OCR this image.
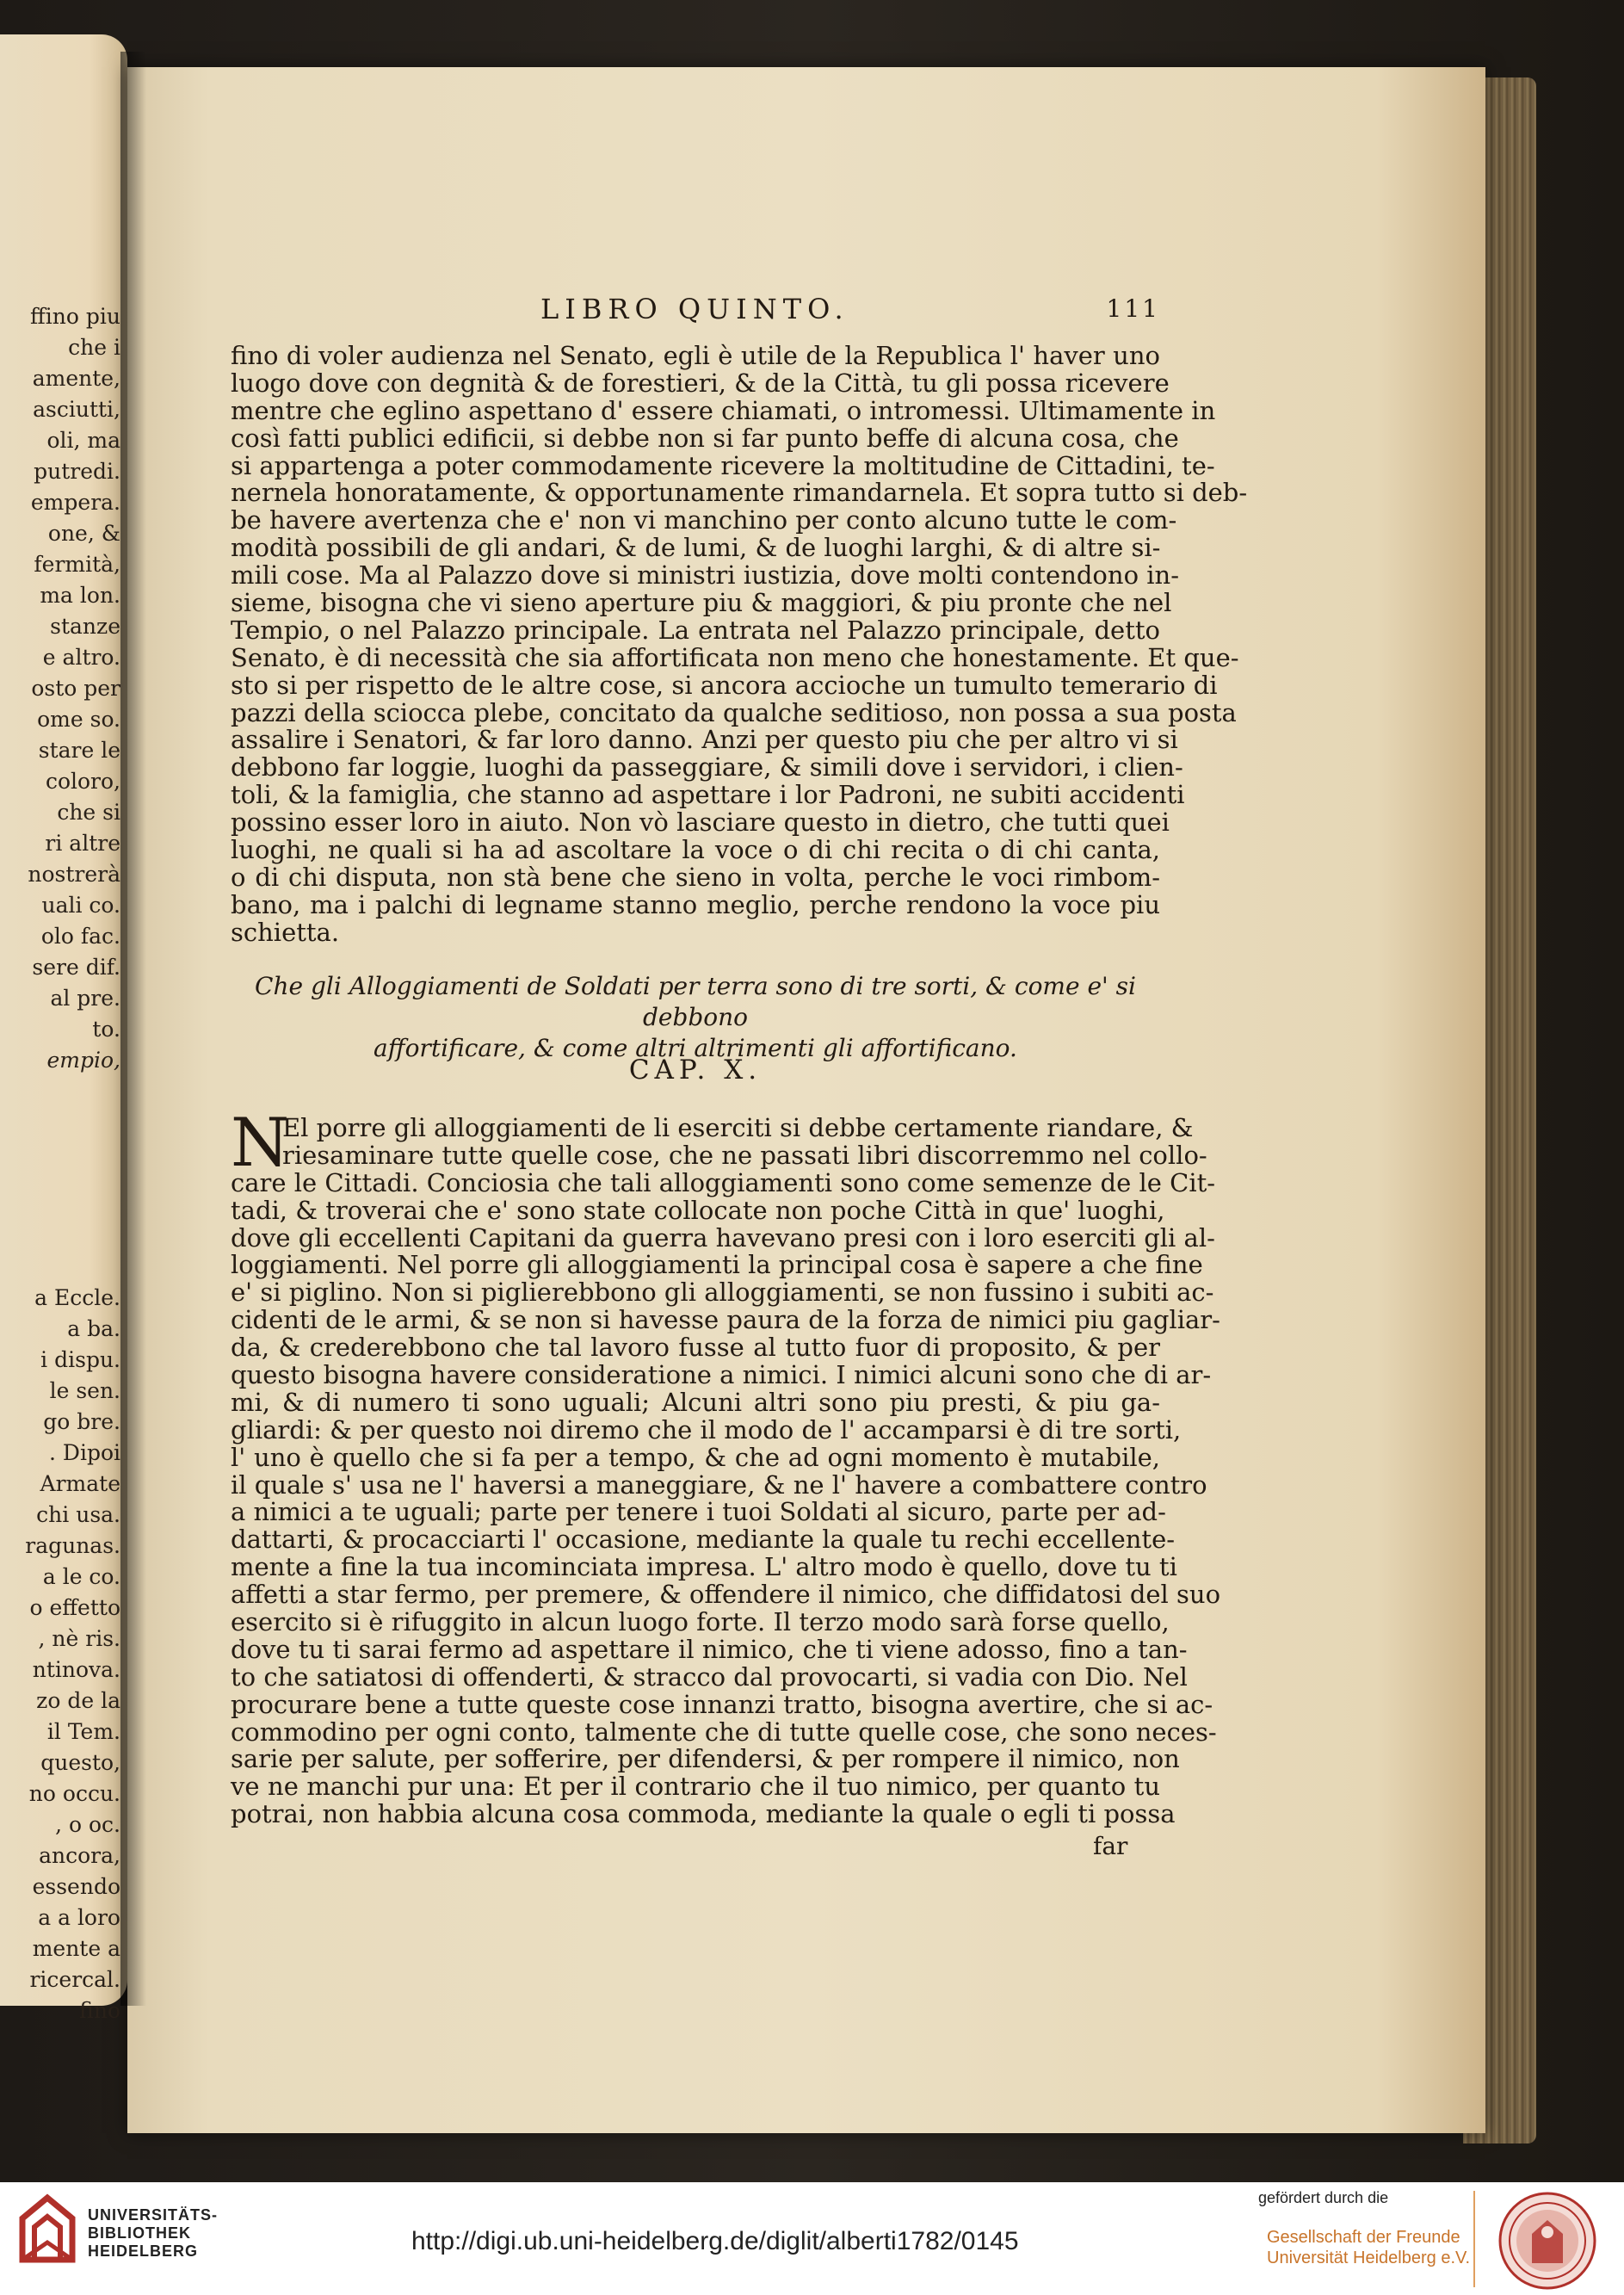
ffino piu
che i
amente,
asciutti,
oli, ma
putredi.
empera.
one, &
fermità,
ma lon.
stanze
e altro.
osto per
ome so.
stare le
coloro,
che si
ri altre
nostrerà
uali co.
olo fac.
sere dif.
al pre.
to.
empio,
a Eccle.
a ba.
i dispu.
le sen.
go bre.
. Dipoi
Armate
chi usa.
ragunas.
a le co.
o effetto
, nè ris.
ntinova.
zo de la
il Tem.
questo,
no occu.
, o oc.
ancora,
essendo
a a loro
mente a
ricercal.
fino
LIBRO QUINTO.	111
fino di voler audienza nel Senato, egli è utile de la Republica l' haver uno
luogo dove con degnità & de forestieri, & de la Città, tu gli possa ricevere
mentre che eglino aspettano d' essere chiamati, o intromessi. Ultimamente in
così fatti publici edificii, si debbe non si far punto beffe di alcuna cosa, che
si appartenga a poter commodamente ricevere la moltitudine de Cittadini, te-
nernela honoratamente, & opportunamente rimandarnela. Et sopra tutto si deb-
be havere avertenza che e' non vi manchino per conto alcuno tutte le com-
modità possibili de gli andari, & de lumi, & de luoghi larghi, & di altre si-
mili cose. Ma al Palazzo dove si ministri iustizia, dove molti contendono in-
sieme, bisogna che vi sieno aperture piu & maggiori, & piu pronte che nel
Tempio, o nel Palazzo principale. La entrata nel Palazzo principale, detto
Senato, è di necessità che sia affortificata non meno che honestamente. Et que-
sto si per rispetto de le altre cose, si ancora accioche un tumulto temerario di
pazzi della sciocca plebe, concitato da qualche seditioso, non possa a sua posta
assalire i Senatori, & far loro danno. Anzi per questo piu che per altro vi si
debbono far loggie, luoghi da passeggiare, & simili dove i servidori, i clien-
toli, & la famiglia, che stanno ad aspettare i lor Padroni, ne subiti accidenti
possino esser loro in aiuto. Non vò lasciare questo in dietro, che tutti quei
luoghi, ne quali si ha ad ascoltare la voce o di chi recita o di chi canta,
o di chi disputa, non stà bene che sieno in volta, perche le voci rimbom-
bano, ma i palchi di legname stanno meglio, perche rendono la voce piu
schietta.
Che gli Alloggiamenti de Soldati per terra sono di tre sorti, & come e' si debbono
affortificare, & come altri altrimenti gli affortificano.
CAP. X.
N
El porre gli alloggiamenti de li eserciti si debbe certamente riandare, &
riesaminare tutte quelle cose, che ne passati libri discorremmo nel collo-
care le Cittadi. Conciosia che tali alloggiamenti sono come semenze de le Cit-
tadi, & troverai che e' sono state collocate non poche Città in que' luoghi,
dove gli eccellenti Capitani da guerra havevano presi con i loro eserciti gli al-
loggiamenti. Nel porre gli alloggiamenti la principal cosa è sapere a che fine
e' si piglino. Non si piglierebbono gli alloggiamenti, se non fussino i subiti ac-
cidenti de le armi, & se non si havesse paura de la forza de nimici piu gagliar-
da, & crederebbono che tal lavoro fusse al tutto fuor di proposito, & per
questo bisogna havere consideratione a nimici. I nimici alcuni sono che di ar-
mi, & di numero ti sono uguali; Alcuni altri sono piu presti, & piu ga-
gliardi: & per questo noi diremo che il modo de l' accamparsi è di tre sorti,
l' uno è quello che si fa per a tempo, & che ad ogni momento è mutabile,
il quale s' usa ne l' haversi a maneggiare, & ne l' havere a combattere contro
a nimici a te uguali; parte per tenere i tuoi Soldati al sicuro, parte per ad-
dattarti, & procacciarti l' occasione, mediante la quale tu rechi eccellente-
mente a fine la tua incominciata impresa. L' altro modo è quello, dove tu ti
affetti a star fermo, per premere, & offendere il nimico, che diffidatosi del suo
esercito si è rifuggito in alcun luogo forte. Il terzo modo sarà forse quello,
dove tu ti sarai fermo ad aspettare il nimico, che ti viene adosso, fino a tan-
to che satiatosi di offenderti, & stracco dal provocarti, si vadia con Dio. Nel
procurare bene a tutte queste cose innanzi tratto, bisogna avertire, che si ac-
commodino per ogni conto, talmente che di tutte quelle cose, che sono neces-
sarie per salute, per sofferire, per difendersi, & per rompere il nimico, non
ve ne manchi pur una: Et per il contrario che il tuo nimico, per quanto tu
potrai, non habbia alcuna cosa commoda, mediante la quale o egli ti possa
far
UNIVERSITÄTS-
BIBLIOTHEK
HEIDELBERG	http://digi.ub.uni-heidelberg.de/diglit/alberti1782/0145
gefördert durch die
Gesellschaft der Freunde
Universität Heidelberg e.V.
